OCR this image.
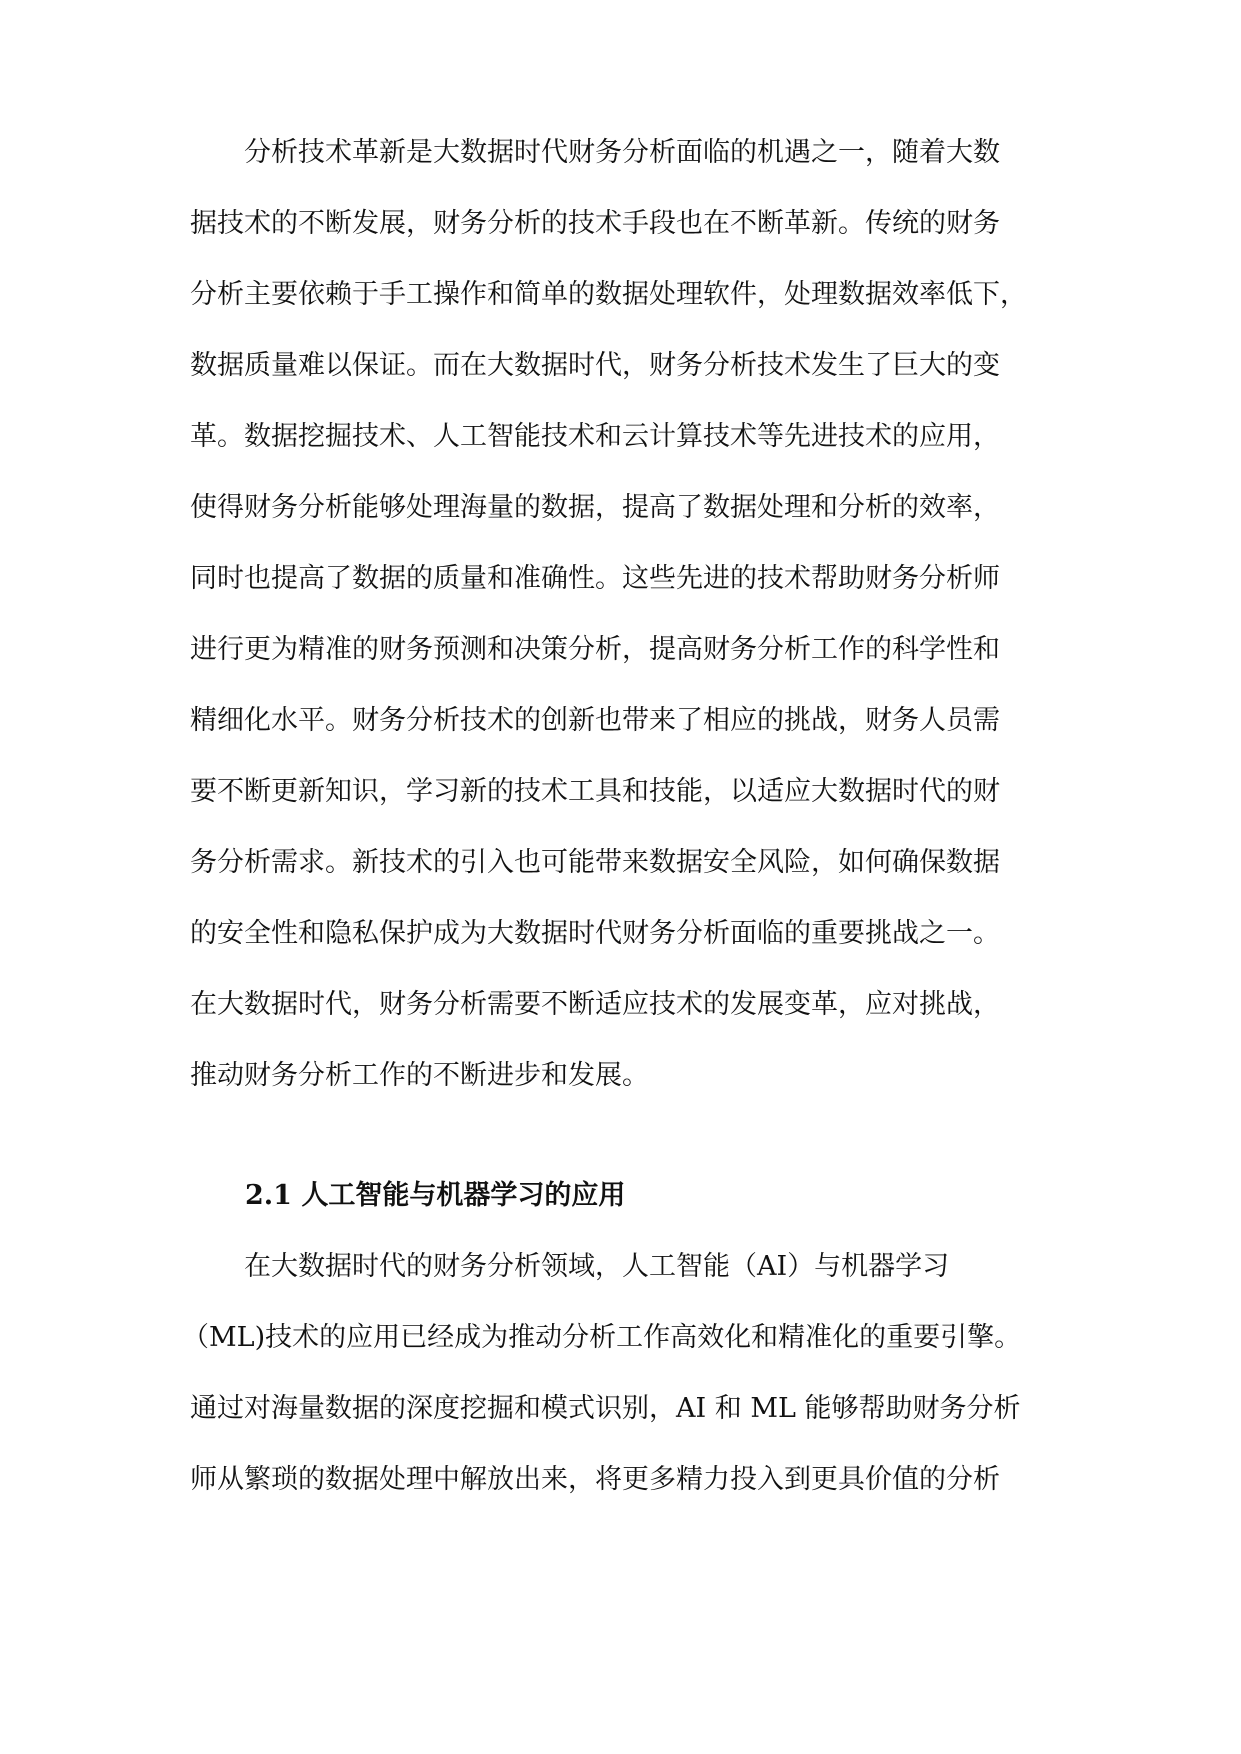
　　分析技术革新是大数据时代财务分析面临的机遇之一，随着大数
据技术的不断发展，财务分析的技术手段也在不断革新。传统的财务
分析主要依赖于手工操作和简单的数据处理软件，处理数据效率低下，
数据质量难以保证。而在大数据时代，财务分析技术发生了巨大的变
革。数据挖掘技术、人工智能技术和云计算技术等先进技术的应用，
使得财务分析能够处理海量的数据，提高了数据处理和分析的效率，
同时也提高了数据的质量和准确性。这些先进的技术帮助财务分析师
进行更为精准的财务预测和决策分析，提高财务分析工作的科学性和
精细化水平。财务分析技术的创新也带来了相应的挑战，财务人员需
要不断更新知识，学习新的技术工具和技能，以适应大数据时代的财
务分析需求。新技术的引入也可能带来数据安全风险，如何确保数据
的安全性和隐私保护成为大数据时代财务分析面临的重要挑战之一。
在大数据时代，财务分析需要不断适应技术的发展变革，应对挑战，
推动财务分析工作的不断进步和发展。
2.1 人工智能与机器学习的应用
　　在大数据时代的财务分析领域，人工智能（AI）与机器学习
（ML)技术的应用已经成为推动分析工作高效化和精准化的重要引擎。
通过对海量数据的深度挖掘和模式识别，AI 和 ML 能够帮助财务分析
师从繁琐的数据处理中解放出来，将更多精力投入到更具价值的分析
